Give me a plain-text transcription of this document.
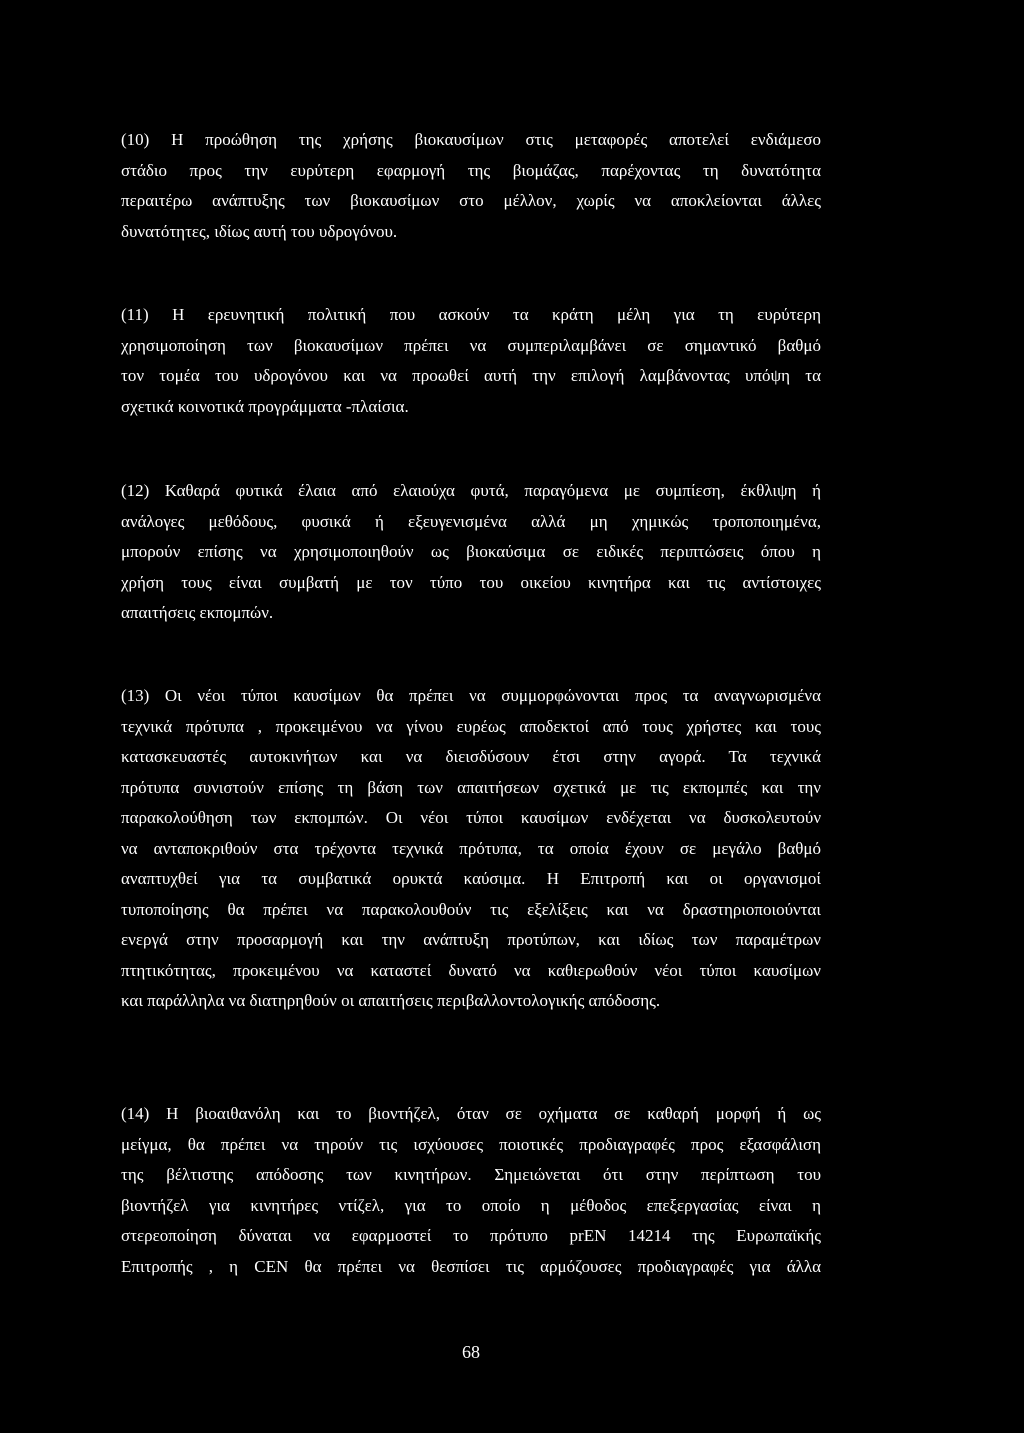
(10) Η προώθηση της χρήσης βιοκαυσίμων στις μεταφορές αποτελεί ενδιάμεσο
στάδιο προς την ευρύτερη εφαρμογή της βιομάζας, παρέχοντας τη δυνατότητα
περαιτέρω ανάπτυξης των βιοκαυσίμων στο μέλλον, χωρίς να αποκλείονται άλλες
δυνατότητες, ιδίως αυτή του υδρογόνου.

(11) Η ερευνητική πολιτική που ασκούν τα κράτη μέλη για τη ευρύτερη
χρησιμοποίηση των βιοκαυσίμων πρέπει να συμπεριλαμβάνει σε σημαντικό βαθμό
τον τομέα του υδρογόνου και να προωθεί αυτή την επιλογή λαμβάνοντας υπόψη τα
σχετικά κοινοτικά προγράμματα -πλαίσια.

(12) Καθαρά φυτικά έλαια από ελαιούχα φυτά, παραγόμενα με συμπίεση, έκθλιψη ή
ανάλογες μεθόδους, φυσικά ή εξευγενισμένα αλλά μη χημικώς τροποποιημένα,
μπορούν επίσης να χρησιμοποιηθούν ως βιοκαύσιμα σε ειδικές περιπτώσεις όπου η
χρήση τους είναι συμβατή με τον τύπο του οικείου κινητήρα και τις αντίστοιχες
απαιτήσεις εκπομπών.

(13) Οι νέοι τύποι καυσίμων θα πρέπει να συμμορφώνονται προς τα αναγνωρισμένα
τεχνικά πρότυπα , προκειμένου να γίνου ευρέως αποδεκτοί από τους χρήστες και τους
κατασκευαστές αυτοκινήτων και να διεισδύσουν έτσι στην αγορά. Τα τεχνικά
πρότυπα συνιστούν επίσης τη βάση των απαιτήσεων σχετικά με τις εκπομπές και την
παρακολούθηση των εκπομπών. Οι νέοι τύποι καυσίμων ενδέχεται να δυσκολευτούν
να ανταποκριθούν στα τρέχοντα τεχνικά πρότυπα, τα οποία έχουν σε μεγάλο βαθμό
αναπτυχθεί για τα συμβατικά ορυκτά καύσιμα. Η Επιτροπή και οι οργανισμοί
τυποποίησης θα πρέπει να παρακολουθούν τις εξελίξεις και να δραστηριοποιούνται
ενεργά στην προσαρμογή και την ανάπτυξη προτύπων, και ιδίως των παραμέτρων
πτητικότητας, προκειμένου να καταστεί δυνατό να καθιερωθούν νέοι τύποι καυσίμων
και παράλληλα να διατηρηθούν οι απαιτήσεις περιβαλλοντολογικής απόδοσης.

(14) Η βιοαιθανόλη και το βιοντήζελ, όταν σε οχήματα σε καθαρή μορφή ή ως
μείγμα, θα πρέπει να τηρούν τις ισχύουσες ποιοτικές προδιαγραφές προς εξασφάλιση
της βέλτιστης απόδοσης των κινητήρων. Σημειώνεται ότι στην περίπτωση του
βιοντήζελ για κινητήρες ντίζελ, για το οποίο η μέθοδος επεξεργασίας είναι η
στερεοποίηση δύναται να εφαρμοστεί το πρότυπο prEN 14214 της Ευρωπαϊκής
Επιτροπής , η CEN θα πρέπει να θεσπίσει τις αρμόζουσες προδιαγραφές για άλλα

68
